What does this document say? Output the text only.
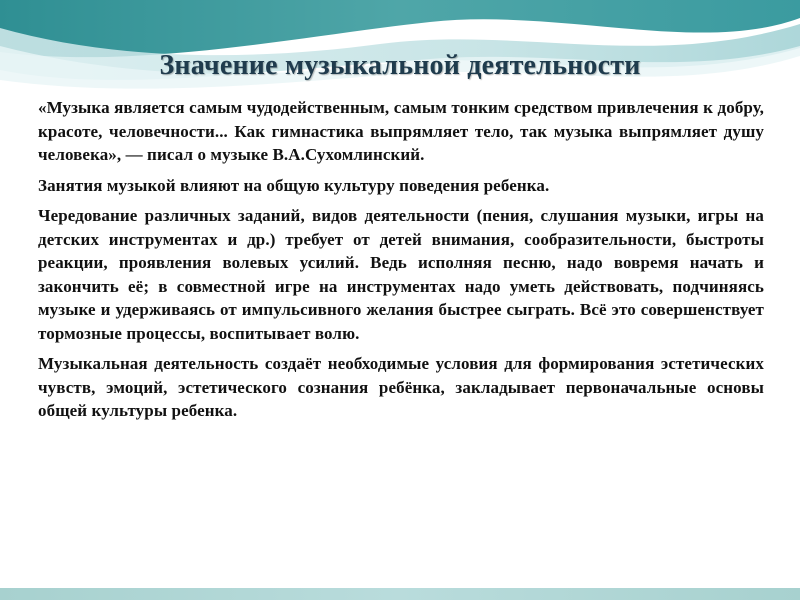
Значение музыкальной деятельности

«Музыка является самым чудодейственным, самым тонким средством привлечения к добру, красоте, человечности... Как гимнастика выпрямляет тело, так музыка выпрямляет душу человека», — писал о музыке В.А.Сухомлинский.

Занятия музыкой влияют на общую культуру поведения ребенка.

Чередование различных заданий, видов деятельности (пения, слушания музыки, игры на детских инструментах и др.) требует от детей внимания, сообразительности, быстроты реакции, проявления волевых усилий. Ведь исполняя песню, надо вовремя начать и закончить её; в совместной игре на инструментах надо уметь действовать, подчиняясь музыке и удерживаясь от импульсивного желания быстрее сыграть. Всё это совершенствует тормозные процессы, воспитывает волю.

Музыкальная деятельность создаёт необходимые условия для формирования эстетических чувств, эмоций, эстетического сознания ребёнка, закладывает первоначальные основы общей культуры ребенка.
